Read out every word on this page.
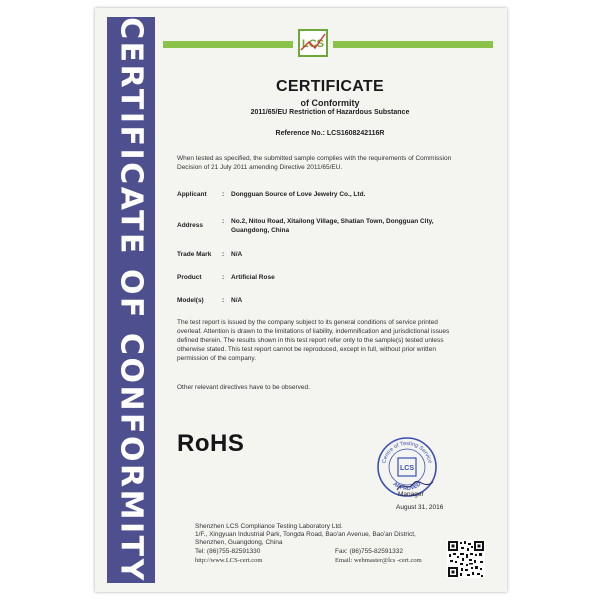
CERTIFICATE OF CONFORMITY	LCS
CERTIFICATE
of Conformity
2011/65/EU Restriction of Hazardous Substance
Reference No.: LCS1608242116R
When tested as specified, the submitted sample complies with the requirements of Commission
Decision of 21 July 2011 amending Directive 2011/65/EU.
Applicant : Dongguan Source of Love Jewelry Co., Ltd.
Address
: No.2, Nitou Road, Xitailong Village, Shatian Town, Dongguan City,
Guangdong, China
Trade Mark : N/A
Product	: Artificial Rose
Model(s)	: N/A
The test report is issued by the company subject to its general conditions of service printed
overleaf. Attention is drawn to the limitations of liability, indemnification and jurisdictional issues
defined therein. The results shown in this test report refer only to the sample(s) tested unless
otherwise stated. This test report cannot be reproduced, except in full, without prior written
permission of the company.
Other relevant directives have to be observed.
RoHS
Centre of Testing Service
APPROVED
LCS
Manager
August 31, 2016
Shenzhen LCS Compliance Testing Laboratory Ltd.
1/F., Xingyuan Industrial Park, Tongda Road, Bao'an Avenue, Bao'an District,
Shenzhen, Guangdong, China
Tel: (86)755-82591330	Fax: (86)755-82591332
http://www.LCS-cert.com	Email: webmaster@lcs -cert.com
